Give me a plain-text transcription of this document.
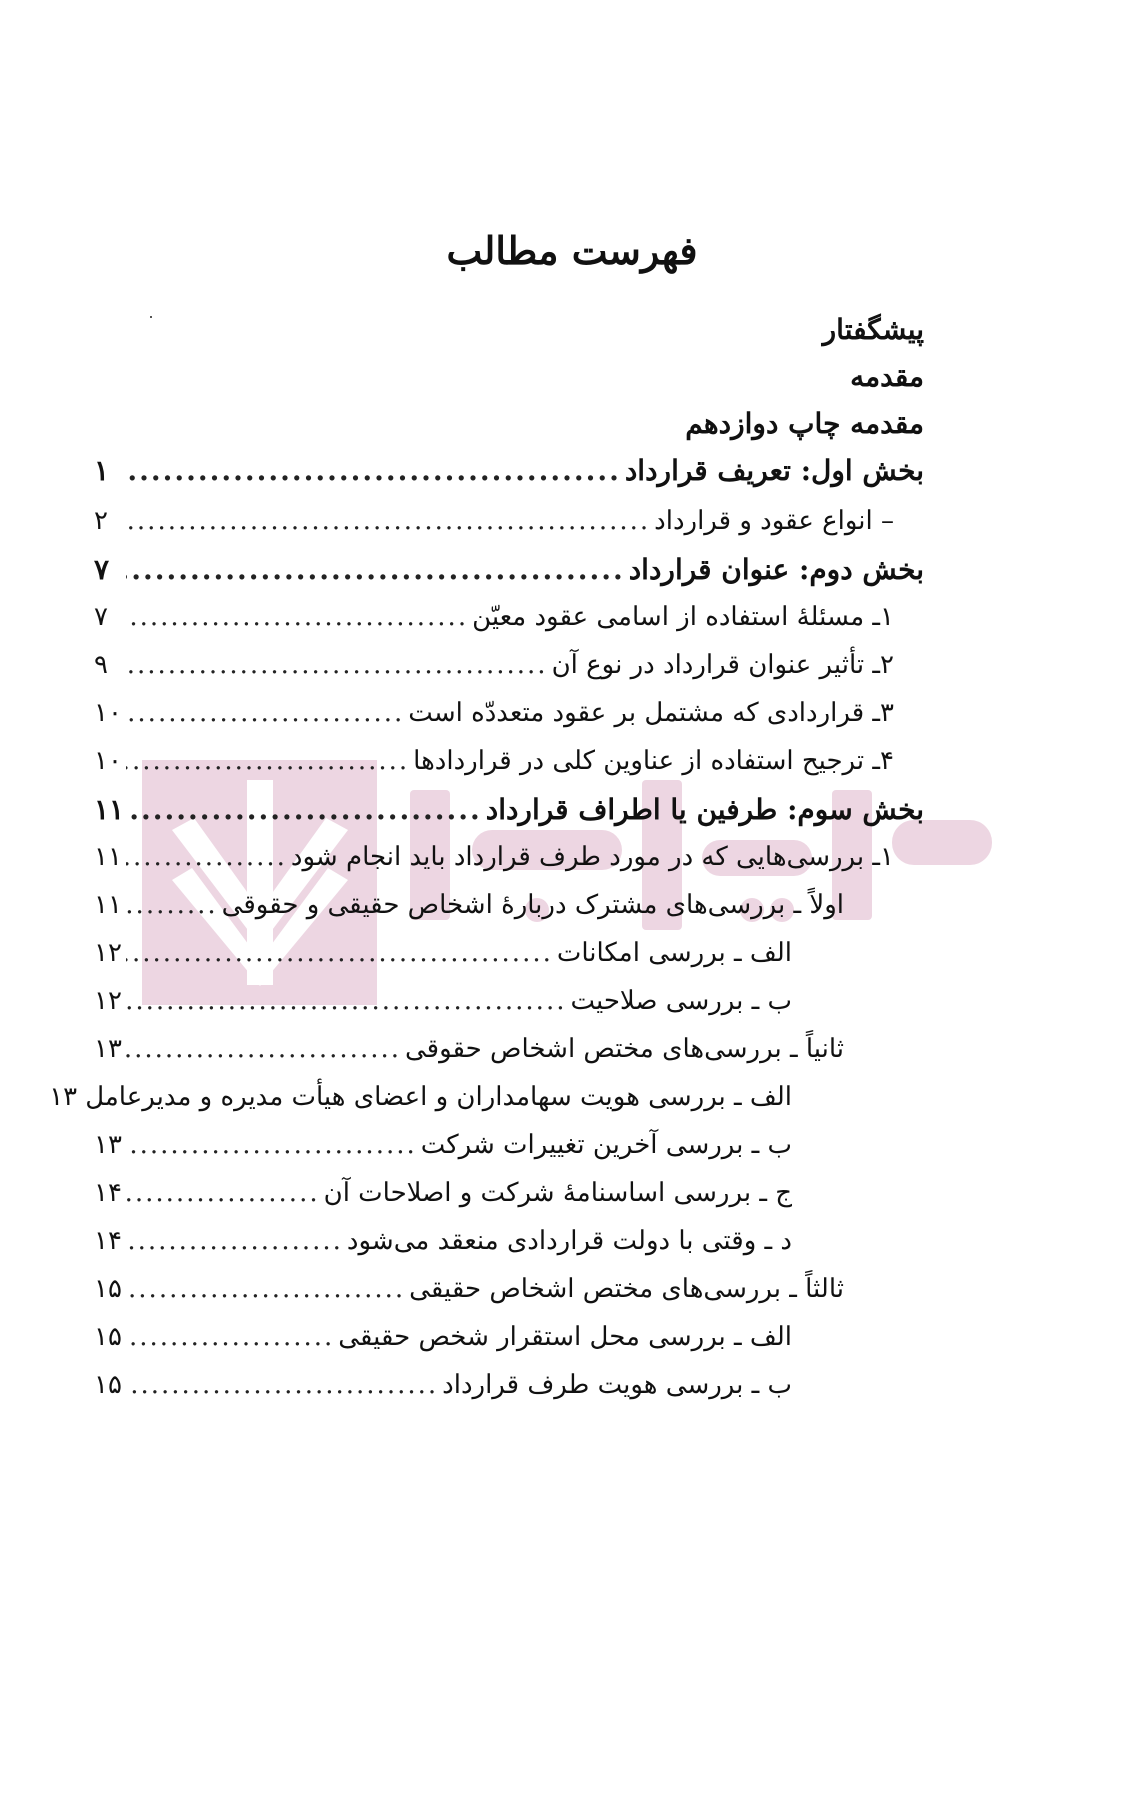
فهرست مطالب
پیشگفتار
مقدمه
مقدمه چاپ دوازدهم
بخش اول: تعریف قرارداد
.....
۱
– انواع عقود و قرارداد
.....
۲
بخش دوم: عنوان قرارداد
.....
۷
۱ـ مسئلهٔ استفاده از اسامی عقود معیّن
.....
۷
۲ـ تأثیر عنوان قرارداد در نوع آن
.....
۹
۳ـ قراردادی که مشتمل بر عقود متعددّه است
.....
۱۰
۴ـ ترجیح استفاده از عناوین کلی در قراردادها
.....
۱۰
بخش سوم: طرفین یا اطراف قرارداد
.....
۱۱
۱ـ بررسی‌هایی که در مورد طرف قرارداد باید انجام شود
.....
۱۱
اولاً ـ بررسی‌های مشترک دربارهٔ اشخاص حقیقی و حقوقی
.....
۱۱
الف ـ بررسی امکانات
.....
۱۲
ب ـ بررسی صلاحیت
.....
۱۲
ثانیاً ـ بررسی‌های مختص اشخاص حقوقی
.....
۱۳
الف ـ بررسی هویت سهامداران و اعضای هیأت مدیره و مدیرعامل
۱۳
ب ـ بررسی آخرین تغییرات شرکت
.....
۱۳
ج ـ بررسی اساسنامهٔ شرکت و اصلاحات آن
.....
۱۴
د ـ وقتی با دولت قراردادی منعقد می‌شود
.....
۱۴
ثالثاً ـ بررسی‌های مختص اشخاص حقیقی
.....
۱۵
الف ـ بررسی محل استقرار شخص حقیقی
.....
۱۵
ب ـ بررسی هویت طرف قرارداد
.....
۱۵
